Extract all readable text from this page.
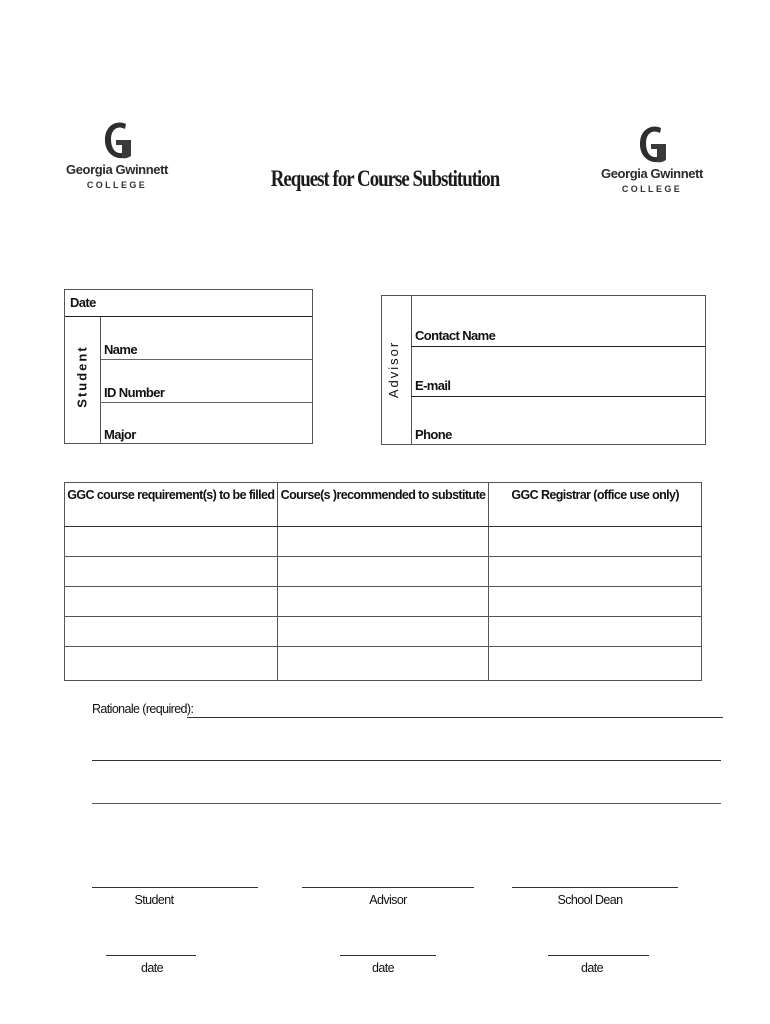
Georgia Gwinnett
COLLEGE	Request for Course Substitution	Georgia Gwinnett
COLLEGE
Date
Student Name
ID Number
Major
Advisor
Contact Name
E-mail
Phone
GGC course requirement(s) to be filled	Course(s )recommended to substitute	GGC Registrar (office use only)

Rationale (required):
Student	Advisor	School Dean
date	date	date
